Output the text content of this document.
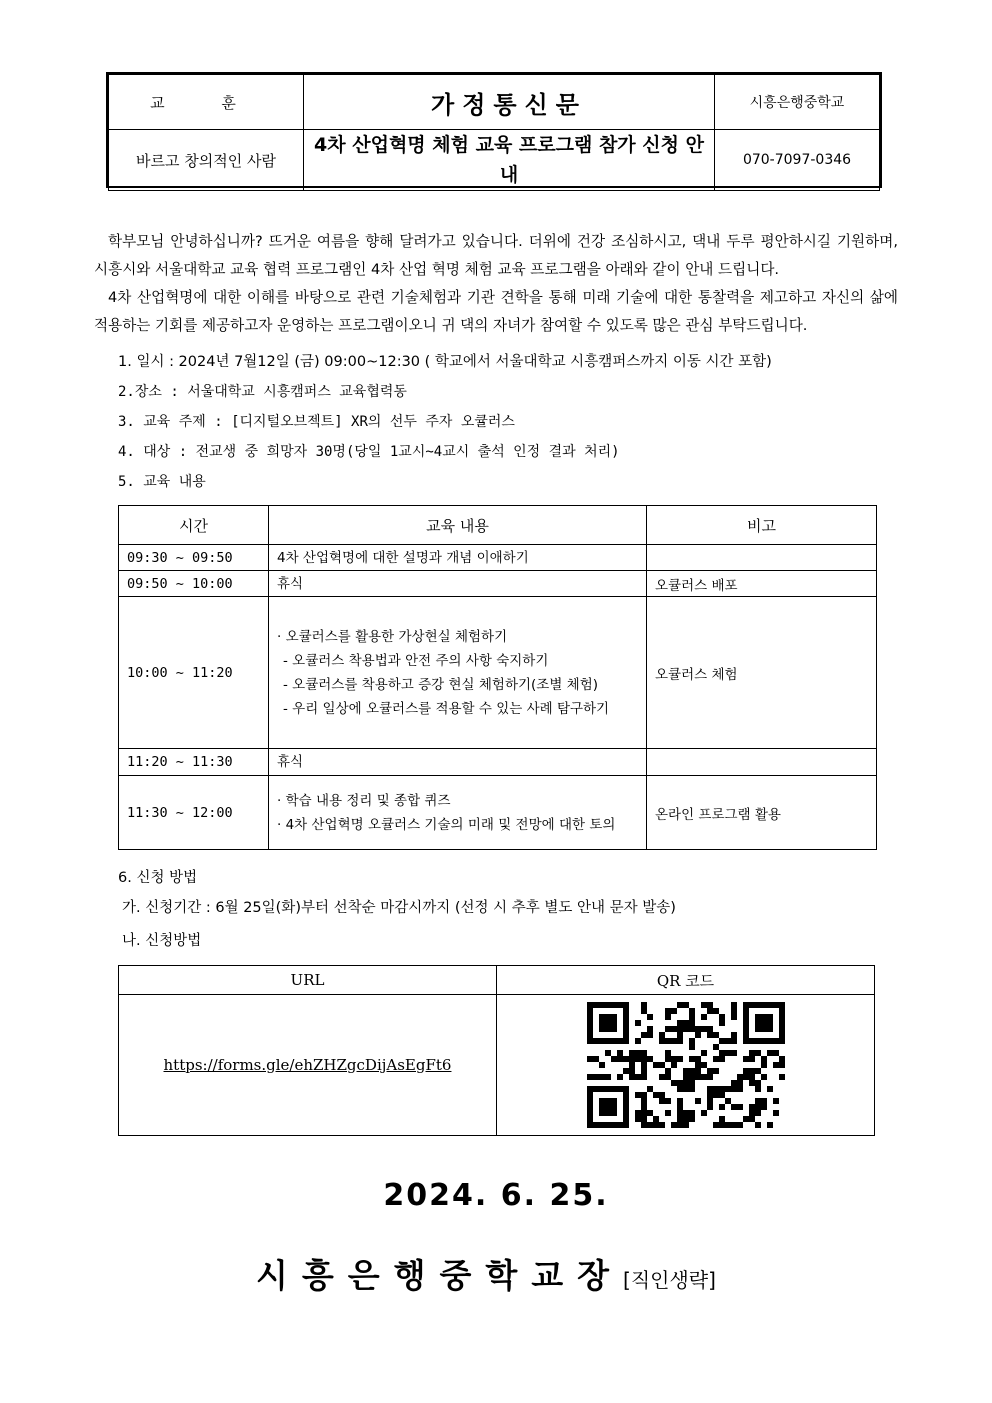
교 훈	가정통신문	시흥은행중학교
바르고 창의적인 사람	4차 산업혁명 체험 교육 프로그램 참가 신청 안내	070-7097-0346

학부모님 안녕하십니까? 뜨거운 여름을 향해 달려가고 있습니다. 더위에 건강 조심하시고, 댁내 두루 평안하시길 기원하며, 시흥시와 서울대학교 교육 협력 프로그램인 4차 산업 혁명 체험 교육 프로그램을 아래와 같이 안내 드립니다.

4차 산업혁명에 대한 이해를 바탕으로 관련 기술체험과 기관 견학을 통해 미래 기술에 대한 통찰력을 제고하고 자신의 삶에 적용하는 기회를 제공하고자 운영하는 프로그램이오니 귀 댁의 자녀가 참여할 수 있도록 많은 관심 부탁드립니다.

1. 일시 : 2024년 7월12일 (금) 09:00~12:30 ( 학교에서 서울대학교 시흥캠퍼스까지 이동 시간 포함)
2.장소 : 서울대학교 시흥캠퍼스 교육협력동
3. 교육 주제 : [디지털오브젝트] XR의 선두 주자 오큘러스
4. 대상 : 전교생 중 희망자 30명(당일 1교시~4교시 출석 인정 결과 처리)
5. 교육 내용
시간	교육 내용	비고
09:30 ~ 09:50	4차 산업혁명에 대한 설명과 개념 이애하기	

09:50 ~ 10:00	휴식	오큘러스 배포
10:00 ~ 11:20	· 오큘러스를 활용한 가상현실 체험하기
- 오큘러스 착용법과 안전 주의 사항 숙지하기
- 오큘러스를 착용하고 증강 현실 체험하기(조별 체험)
- 우리 일상에 오큘러스를 적용할 수 있는 사례 탐구하기	오큘러스 체험
11:20 ~ 11:30	휴식	

11:30 ~ 12:00	· 학습 내용 정리 및 종합 퀴즈
· 4차 산업혁명 오큘러스 기술의 미래 및 전망에 대한 토의	온라인 프로그램 활용
6. 신청 방법
가. 신청기간 : 6월 25일(화)부터 선착순 마감시까지 (선정 시 추후 별도 안내 문자 발송)
나. 신청방법
URL	QR 코드
https://forms.gle/ehZHZgcDijAsEgFt6	
2024. 6. 25.
시흥은행중학교장[직인생략]
